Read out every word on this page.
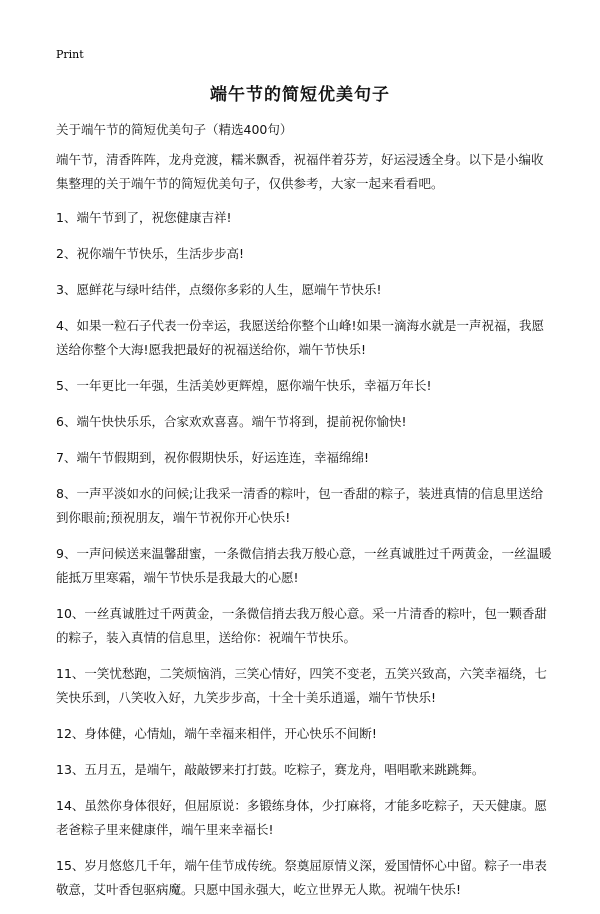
Print
端午节的简短优美句子

关于端午节的简短优美句子（精选400句）

端午节，清香阵阵，龙舟竞渡，糯米飘香，祝福伴着芬芳，好运浸透全身。以下是小编收集整理的关于端午节的简短优美句子，仅供参考，大家一起来看看吧。

1、端午节到了，祝您健康吉祥!

2、祝你端午节快乐，生活步步高!

3、愿鲜花与绿叶结伴，点缀你多彩的人生，愿端午节快乐!

4、如果一粒石子代表一份幸运，我愿送给你整个山峰!如果一滴海水就是一声祝福，我愿送给你整个大海!愿我把最好的祝福送给你，端午节快乐!

5、一年更比一年强，生活美妙更辉煌，愿你端午快乐，幸福万年长!

6、端午快快乐乐，合家欢欢喜喜。端午节将到，提前祝你愉快!

7、端午节假期到，祝你假期快乐，好运连连，幸福绵绵!

8、一声平淡如水的问候;让我采一清香的粽叶，包一香甜的粽子，装进真情的信息里送给到你眼前;预祝朋友，端午节祝你开心快乐!

9、一声问候送来温馨甜蜜，一条微信捎去我万般心意，一丝真诚胜过千两黄金，一丝温暖能抵万里寒霜，端午节快乐是我最大的心愿!

10、一丝真诚胜过千两黄金，一条微信捎去我万般心意。采一片清香的粽叶，包一颗香甜的粽子，装入真情的信息里，送给你：祝端午节快乐。

11、一笑忧愁跑，二笑烦恼消，三笑心情好，四笑不变老，五笑兴致高，六笑幸福绕，七笑快乐到，八笑收入好，九笑步步高，十全十美乐逍遥，端午节快乐!

12、身体健，心情灿，端午幸福来相伴，开心快乐不间断!

13、五月五，是端午，敲敲锣来打打鼓。吃粽子，赛龙舟，唱唱歌来跳跳舞。

14、虽然你身体很好，但屈原说：多锻练身体，少打麻将，才能多吃粽子，天天健康。愿老爸粽子里来健康伴，端午里来幸福长!

15、岁月悠悠几千年，端午佳节成传统。祭奠屈原情义深，爱国情怀心中留。粽子一串表敬意，艾叶香包驱病魔。只愿中国永强大，屹立世界无人欺。祝端午快乐!
